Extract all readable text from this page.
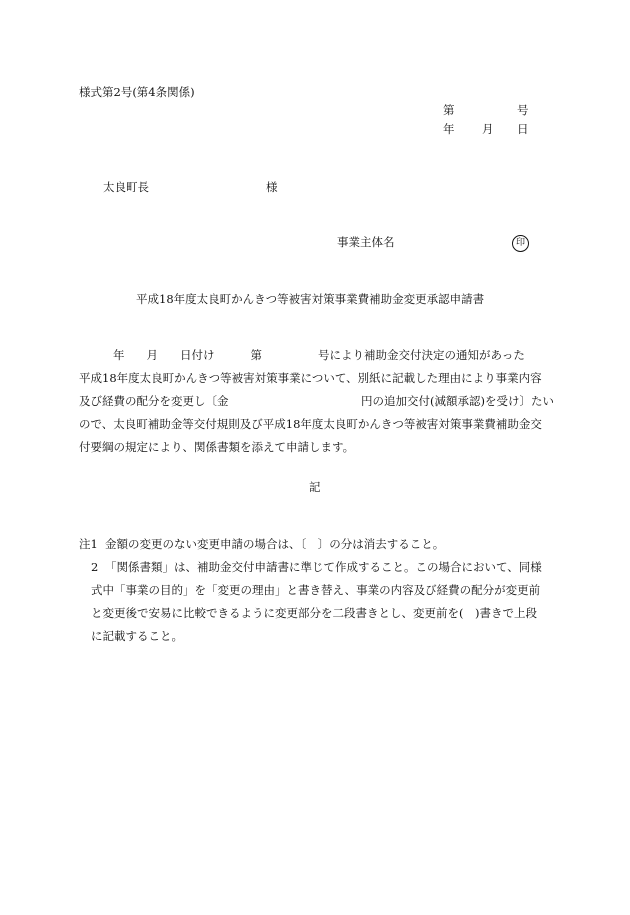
様式第2号(第4条関係)
第	号
年 月 日
太良町長	様
事業主体名	印
平成18年度太良町かんきつ等被害対策事業費補助金変更承認申請書
年 月 日付け	第	号により補助金交付決定の通知があった
平成18年度太良町かんきつ等被害対策事業について、別紙に記載した理由により事業内容
及び経費の配分を変更し〔金	円の追加交付(減額承認)を受け〕たい
ので、太良町補助金等交付規則及び平成18年度太良町かんきつ等被害対策事業費補助金交
付要綱の規定により、関係書類を添えて申請します。
記
注1 金額の変更のない変更申請の場合は、〔　〕の分は消去すること。
2 「関係書類」は、補助金交付申請書に準じて作成すること。この場合において、同様
式中「事業の目的」を「変更の理由」と書き替え、事業の内容及び経費の配分が変更前
と変更後で安易に比較できるように変更部分を二段書きとし、変更前を(　)書きで上段
に記載すること。
